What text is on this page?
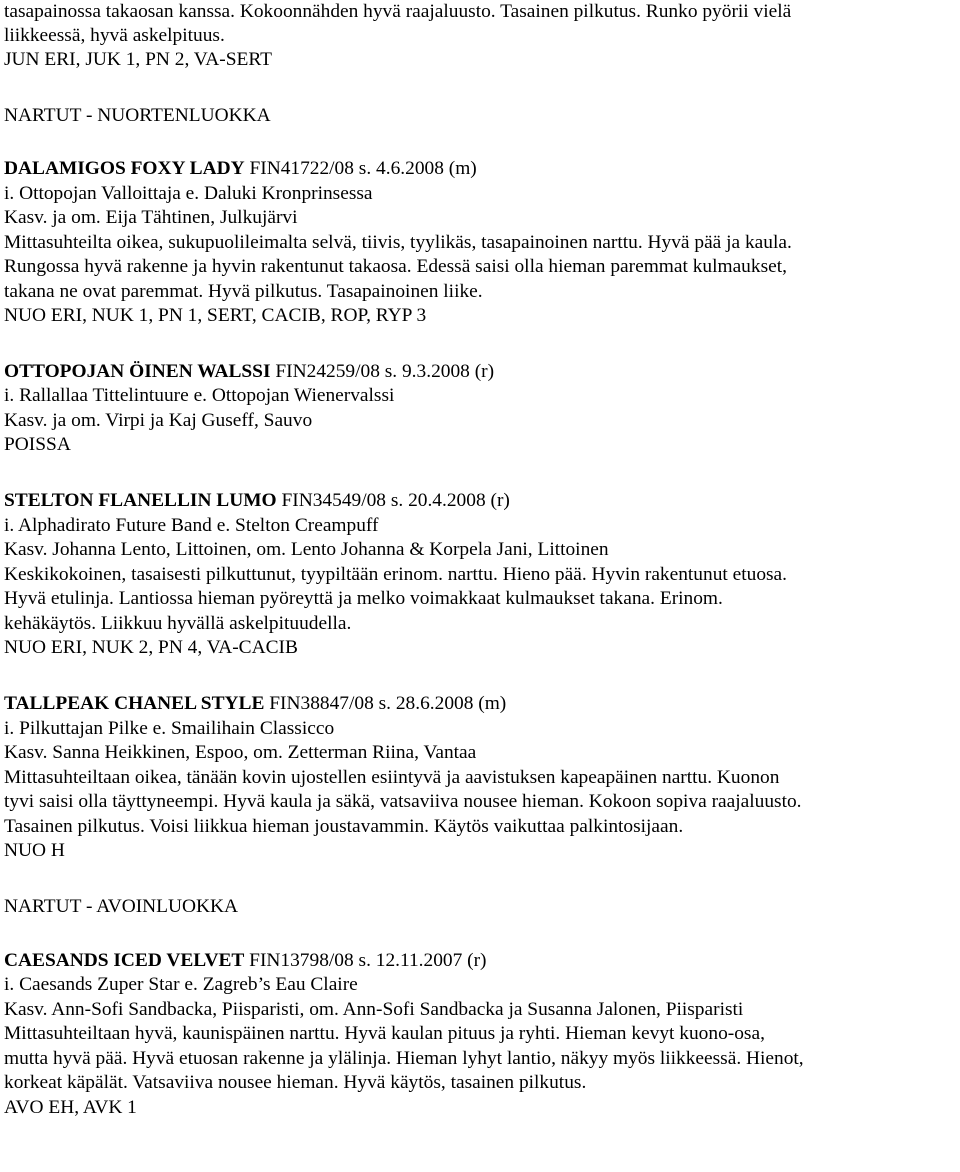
tasapainossa takaosan kanssa. Kokoonnähden hyvä raajaluusto. Tasainen pilkutus. Runko pyörii vielä
liikkeessä, hyvä askelpituus.
JUN ERI, JUK 1, PN 2, VA-SERT
NARTUT - NUORTENLUOKKA
DALAMIGOS FOXY LADY FIN41722/08 s. 4.6.2008 (m)
i. Ottopojan Valloittaja e. Daluki Kronprinsessa
Kasv. ja om. Eija Tähtinen, Julkujärvi
Mittasuhteilta oikea, sukupuolileimalta selvä, tiivis, tyylikäs, tasapainoinen narttu. Hyvä pää ja kaula.
Rungossa hyvä rakenne ja hyvin rakentunut takaosa. Edessä saisi olla hieman paremmat kulmaukset,
takana ne ovat paremmat. Hyvä pilkutus. Tasapainoinen liike.
NUO ERI, NUK 1, PN 1, SERT, CACIB, ROP, RYP 3
OTTOPOJAN ÖINEN WALSSI FIN24259/08 s. 9.3.2008 (r)
i. Rallallaa Tittelintuure e. Ottopojan Wienervalssi
Kasv. ja om. Virpi ja Kaj Guseff, Sauvo
POISSA
STELTON FLANELLIN LUMO FIN34549/08 s. 20.4.2008 (r)
i. Alphadirato Future Band e. Stelton Creampuff
Kasv. Johanna Lento, Littoinen, om. Lento Johanna & Korpela Jani, Littoinen
Keskikokoinen, tasaisesti pilkuttunut, tyypiltään erinom. narttu. Hieno pää. Hyvin rakentunut etuosa.
Hyvä etulinja. Lantiossa hieman pyöreyttä ja melko voimakkaat kulmaukset takana. Erinom.
kehäkäytös. Liikkuu hyvällä askelpituudella.
NUO ERI, NUK 2, PN 4, VA-CACIB
TALLPEAK CHANEL STYLE FIN38847/08 s. 28.6.2008 (m)
i. Pilkuttajan Pilke e. Smailihain Classicco
Kasv. Sanna Heikkinen, Espoo, om. Zetterman Riina, Vantaa
Mittasuhteiltaan oikea, tänään kovin ujostellen esiintyvä ja aavistuksen kapeapäinen narttu. Kuonon
tyvi saisi olla täyttyneempi. Hyvä kaula ja säkä, vatsaviiva nousee hieman. Kokoon sopiva raajaluusto.
Tasainen pilkutus. Voisi liikkua hieman joustavammin. Käytös vaikuttaa palkintosijaan.
NUO H
NARTUT - AVOINLUOKKA
CAESANDS ICED VELVET FIN13798/08 s. 12.11.2007 (r)
i. Caesands Zuper Star e. Zagreb’s Eau Claire
Kasv. Ann-Sofi Sandbacka, Piisparisti, om. Ann-Sofi Sandbacka ja Susanna Jalonen, Piisparisti
Mittasuhteiltaan hyvä, kaunispäinen narttu. Hyvä kaulan pituus ja ryhti. Hieman kevyt kuono-osa,
mutta hyvä pää. Hyvä etuosan rakenne ja ylälinja. Hieman lyhyt lantio, näkyy myös liikkeessä. Hienot,
korkeat käpälät. Vatsaviiva nousee hieman. Hyvä käytös, tasainen pilkutus.
AVO EH, AVK 1
